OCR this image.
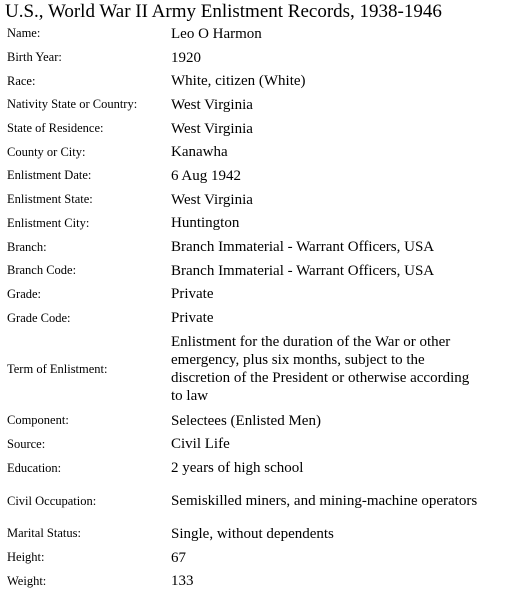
U.S., World War II Army Enlistment Records, 1938-1946
Name:	Leo O Harmon
Birth Year:	1920
Race:	White, citizen (White)
Nativity State or Country:	West Virginia
State of Residence:	West Virginia
County or City:	Kanawha
Enlistment Date:	6 Aug 1942
Enlistment State:	West Virginia
Enlistment City:	Huntington
Branch:	Branch Immaterial - Warrant Officers, USA
Branch Code:	Branch Immaterial - Warrant Officers, USA
Grade:	Private
Grade Code:	Private
Term of Enlistment:
Enlistment for the duration of the War or other emergency, plus six months, subject to the discretion of the President or otherwise according to law
Component:	Selectees (Enlisted Men)
Source:	Civil Life
Education:	2 years of high school
Civil Occupation:	Semiskilled miners, and mining-machine operators
Marital Status:	Single, without dependents
Height:	67
Weight:	133
